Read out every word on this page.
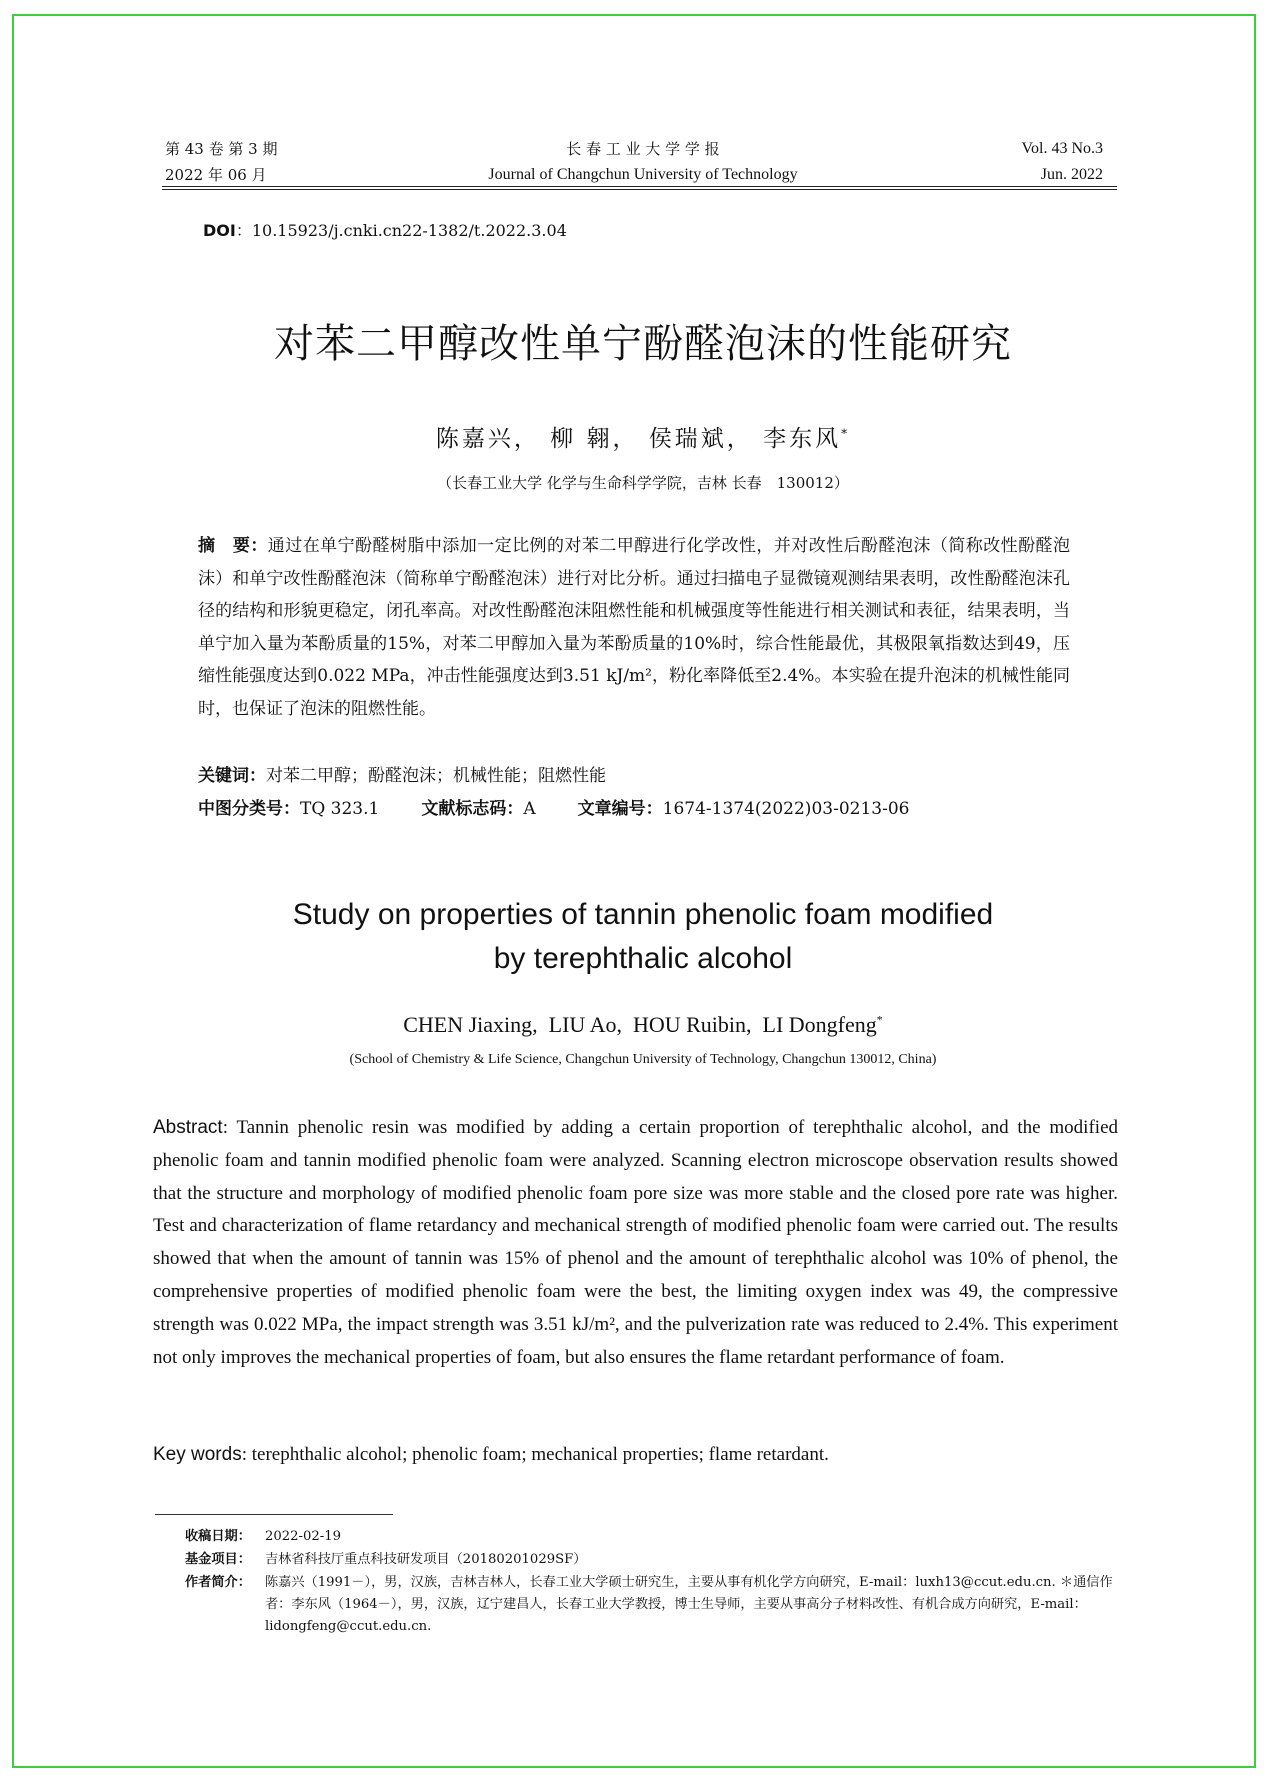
第 43 卷 第 3 期
2022 年 06 月
长 春 工 业 大 学 学 报
Journal of Changchun University of Technology
Vol. 43 No.3
Jun. 2022
DOI：10.15923/j.cnki.cn22-1382/t.2022.3.04
对苯二甲醇改性单宁酚醛泡沫的性能研究
陈嘉兴， 柳 翱， 侯瑞斌， 李东风*
（长春工业大学 化学与生命科学学院，吉林 长春　130012）
摘　要：通过在单宁酚醛树脂中添加一定比例的对苯二甲醇进行化学改性，并对改性后酚醛泡沫（简称改性酚醛泡沫）和单宁改性酚醛泡沫（简称单宁酚醛泡沫）进行对比分析。通过扫描电子显微镜观测结果表明，改性酚醛泡沫孔径的结构和形貌更稳定，闭孔率高。对改性酚醛泡沫阻燃性能和机械强度等性能进行相关测试和表征，结果表明，当单宁加入量为苯酚质量的15%，对苯二甲醇加入量为苯酚质量的10%时，综合性能最优，其极限氧指数达到49，压缩性能强度达到0.022 MPa，冲击性能强度达到3.51 kJ/m²，粉化率降低至2.4%。本实验在提升泡沫的机械性能同时，也保证了泡沫的阻燃性能。
关键词：对苯二甲醇；酚醛泡沫；机械性能；阻燃性能
中图分类号：TQ 323.1 文献标志码：A 文章编号：1674-1374(2022)03-0213-06
Study on properties of tannin phenolic foam modified
by terephthalic alcohol
CHEN Jiaxing,  LIU Ao,  HOU Ruibin,  LI Dongfeng*
(School of Chemistry & Life Science, Changchun University of Technology, Changchun 130012, China)
Abstract: Tannin phenolic resin was modified by adding a certain proportion of terephthalic alcohol, and the modified phenolic foam and tannin modified phenolic foam were analyzed. Scanning electron microscope observation results showed that the structure and morphology of modified phenolic foam pore size was more stable and the closed pore rate was higher. Test and characterization of flame retardancy and mechanical strength of modified phenolic foam were carried out. The results showed that when the amount of tannin was 15% of phenol and the amount of terephthalic alcohol was 10% of phenol, the comprehensive properties of modified phenolic foam were the best, the limiting oxygen index was 49, the compressive strength was 0.022 MPa, the impact strength was 3.51 kJ/m², and the pulverization rate was reduced to 2.4%. This experiment not only improves the mechanical properties of foam, but also ensures the flame retardant performance of foam.
Key words: terephthalic alcohol; phenolic foam; mechanical properties; flame retardant.
收稿日期：	2022-02-19
基金项目：	吉林省科技厅重点科技研发项目（20180201029SF）
作者简介：	陈嘉兴（1991－），男，汉族，吉林吉林人，长春工业大学硕士研究生，主要从事有机化学方向研究，E-mail：luxh13@ccut.edu.cn. ＊通信作者：李东风（1964－），男，汉族，辽宁建昌人，长春工业大学教授，博士生导师，主要从事高分子材料改性、有机合成方向研究，E-mail：lidongfeng@ccut.edu.cn.
